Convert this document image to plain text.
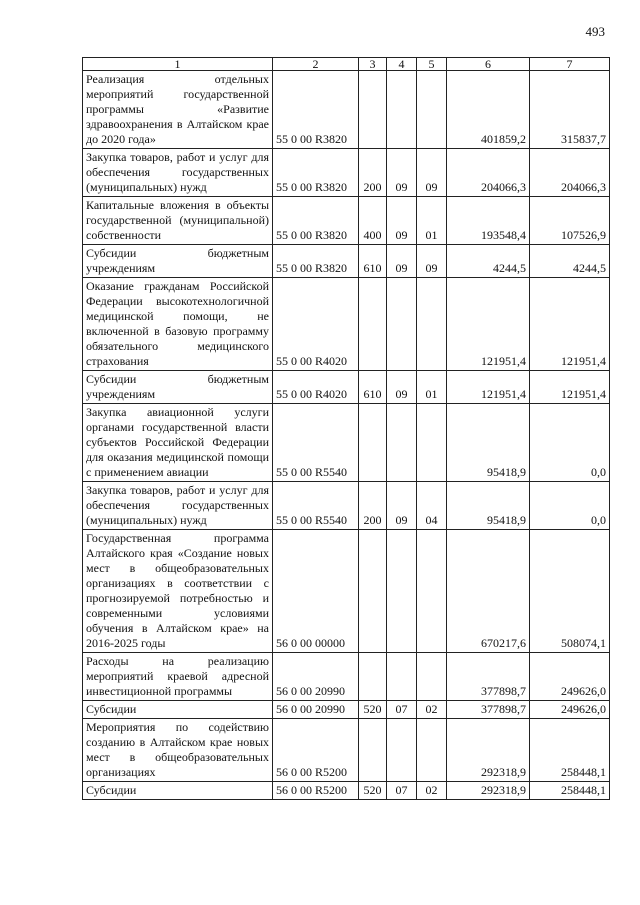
493
1	2	3	4	5	6	7
Реализация отдельных мероприятий государственной программы «Развитие здравоохранения в Алтайском крае до 2020 года»	55 0 00 R3820				401859,2	315837,7
Закупка товаров, работ и услуг для обеспечения государственных (муниципальных) нужд	55 0 00 R3820	200	09	09	204066,3	204066,3
Капитальные вложения в объекты государственной (муниципальной) собственности	55 0 00 R3820	400	09	01	193548,4	107526,9
Субсидии бюджетным учреждениям	55 0 00 R3820	610	09	09	4244,5	4244,5
Оказание гражданам Российской Федерации высокотехнологичной медицинской помощи, не включенной в базовую программу обязательного медицинского страхования	55 0 00 R4020				121951,4	121951,4
Субсидии бюджетным учреждениям	55 0 00 R4020	610	09	01	121951,4	121951,4
Закупка авиационной услуги органами государственной власти субъектов Российской Федерации для оказания медицинской помощи с применением авиации	55 0 00 R5540				95418,9	0,0
Закупка товаров, работ и услуг для обеспечения государственных (муниципальных) нужд	55 0 00 R5540	200	09	04	95418,9	0,0
Государственная программа Алтайского края «Создание новых мест в общеобразовательных организациях в соответствии с прогнозируемой потребностью и современными условиями обучения в Алтайском крае» на 2016-2025 годы	56 0 00 00000				670217,6	508074,1
Расходы на реализацию мероприятий краевой адресной инвестиционной программы	56 0 00 20990				377898,7	249626,0
Субсидии	56 0 00 20990	520	07	02	377898,7	249626,0
Мероприятия по содействию созданию в Алтайском крае новых мест в общеобразовательных организациях	56 0 00 R5200				292318,9	258448,1
Субсидии	56 0 00 R5200	520	07	02	292318,9	258448,1
